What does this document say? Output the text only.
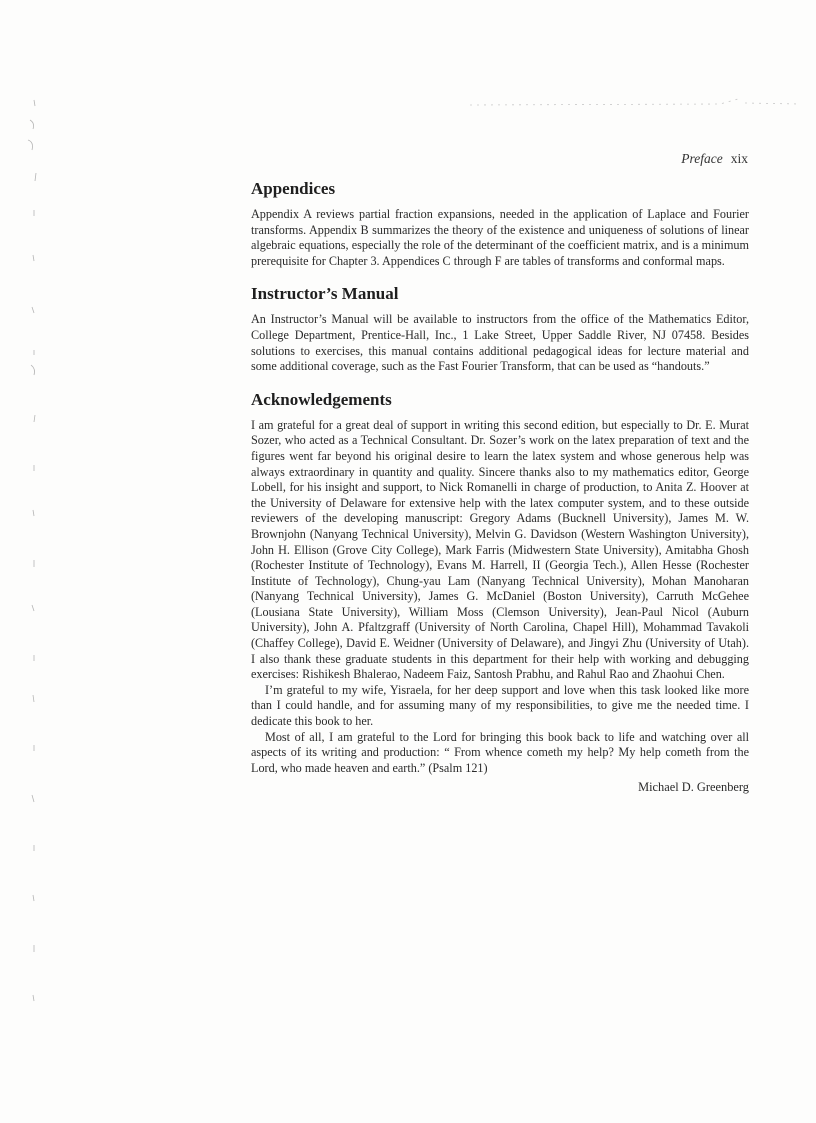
Preface xix
Appendices

Appendix A reviews partial fraction expansions, needed in the application of Laplace and Fourier transforms. Appendix B summarizes the theory of the existence and uniqueness of solutions of linear algebraic equations, especially the role of the determinant of the coefficient matrix, and is a minimum prerequisite for Chapter 3. Appendices C through F are tables of transforms and conformal maps.

Instructor’s Manual

An Instructor’s Manual will be available to instructors from the office of the Mathematics Editor, College Department, Prentice-Hall, Inc., 1 Lake Street, Upper Saddle River, NJ 07458. Besides solutions to exercises, this manual contains additional pedagogical ideas for lecture material and some additional coverage, such as the Fast Fourier Transform, that can be used as “handouts.”

Acknowledgements

I am grateful for a great deal of support in writing this second edition, but especially to Dr. E. Murat Sozer, who acted as a Technical Consultant. Dr. Sozer’s work on the latex preparation of text and the figures went far beyond his original desire to learn the latex system and whose generous help was always extraordinary in quantity and quality. Sincere thanks also to my mathematics editor, George Lobell, for his insight and support, to Nick Romanelli in charge of production, to Anita Z. Hoover at the University of Delaware for extensive help with the latex computer system, and to these outside reviewers of the developing manuscript: Gregory Adams (Bucknell University), James M. W. Brownjohn (Nanyang Technical University), Melvin G. Davidson (Western Washington University), John H. Ellison (Grove City College), Mark Farris (Midwestern State University), Amitabha Ghosh (Rochester Institute of Technology), Evans M. Harrell, II (Georgia Tech.), Allen Hesse (Rochester Institute of Technology), Chung-yau Lam (Nanyang Technical University), Mohan Manoharan (Nanyang Technical University), James G. McDaniel (Boston University), Carruth McGehee (Lousiana State University), William Moss (Clemson University), Jean-Paul Nicol (Auburn University), John A. Pfaltzgraff (University of North Carolina, Chapel Hill), Mohammad Tavakoli (Chaffey College), David E. Weidner (University of Delaware), and Jingyi Zhu (University of Utah). I also thank these graduate students in this department for their help with working and debugging exercises: Rishikesh Bhalerao, Nadeem Faiz, Santosh Prabhu, and Rahul Rao and Zhaohui Chen.

I’m grateful to my wife, Yisraela, for her deep support and love when this task looked like more than I could handle, and for assuming many of my responsibilities, to give me the needed time. I dedicate this book to her.

Most of all, I am grateful to the Lord for bringing this book back to life and watching over all aspects of its writing and production: “ From whence cometh my help? My help cometh from the Lord, who made heaven and earth.” (Psalm 121)

Michael D. Greenberg
